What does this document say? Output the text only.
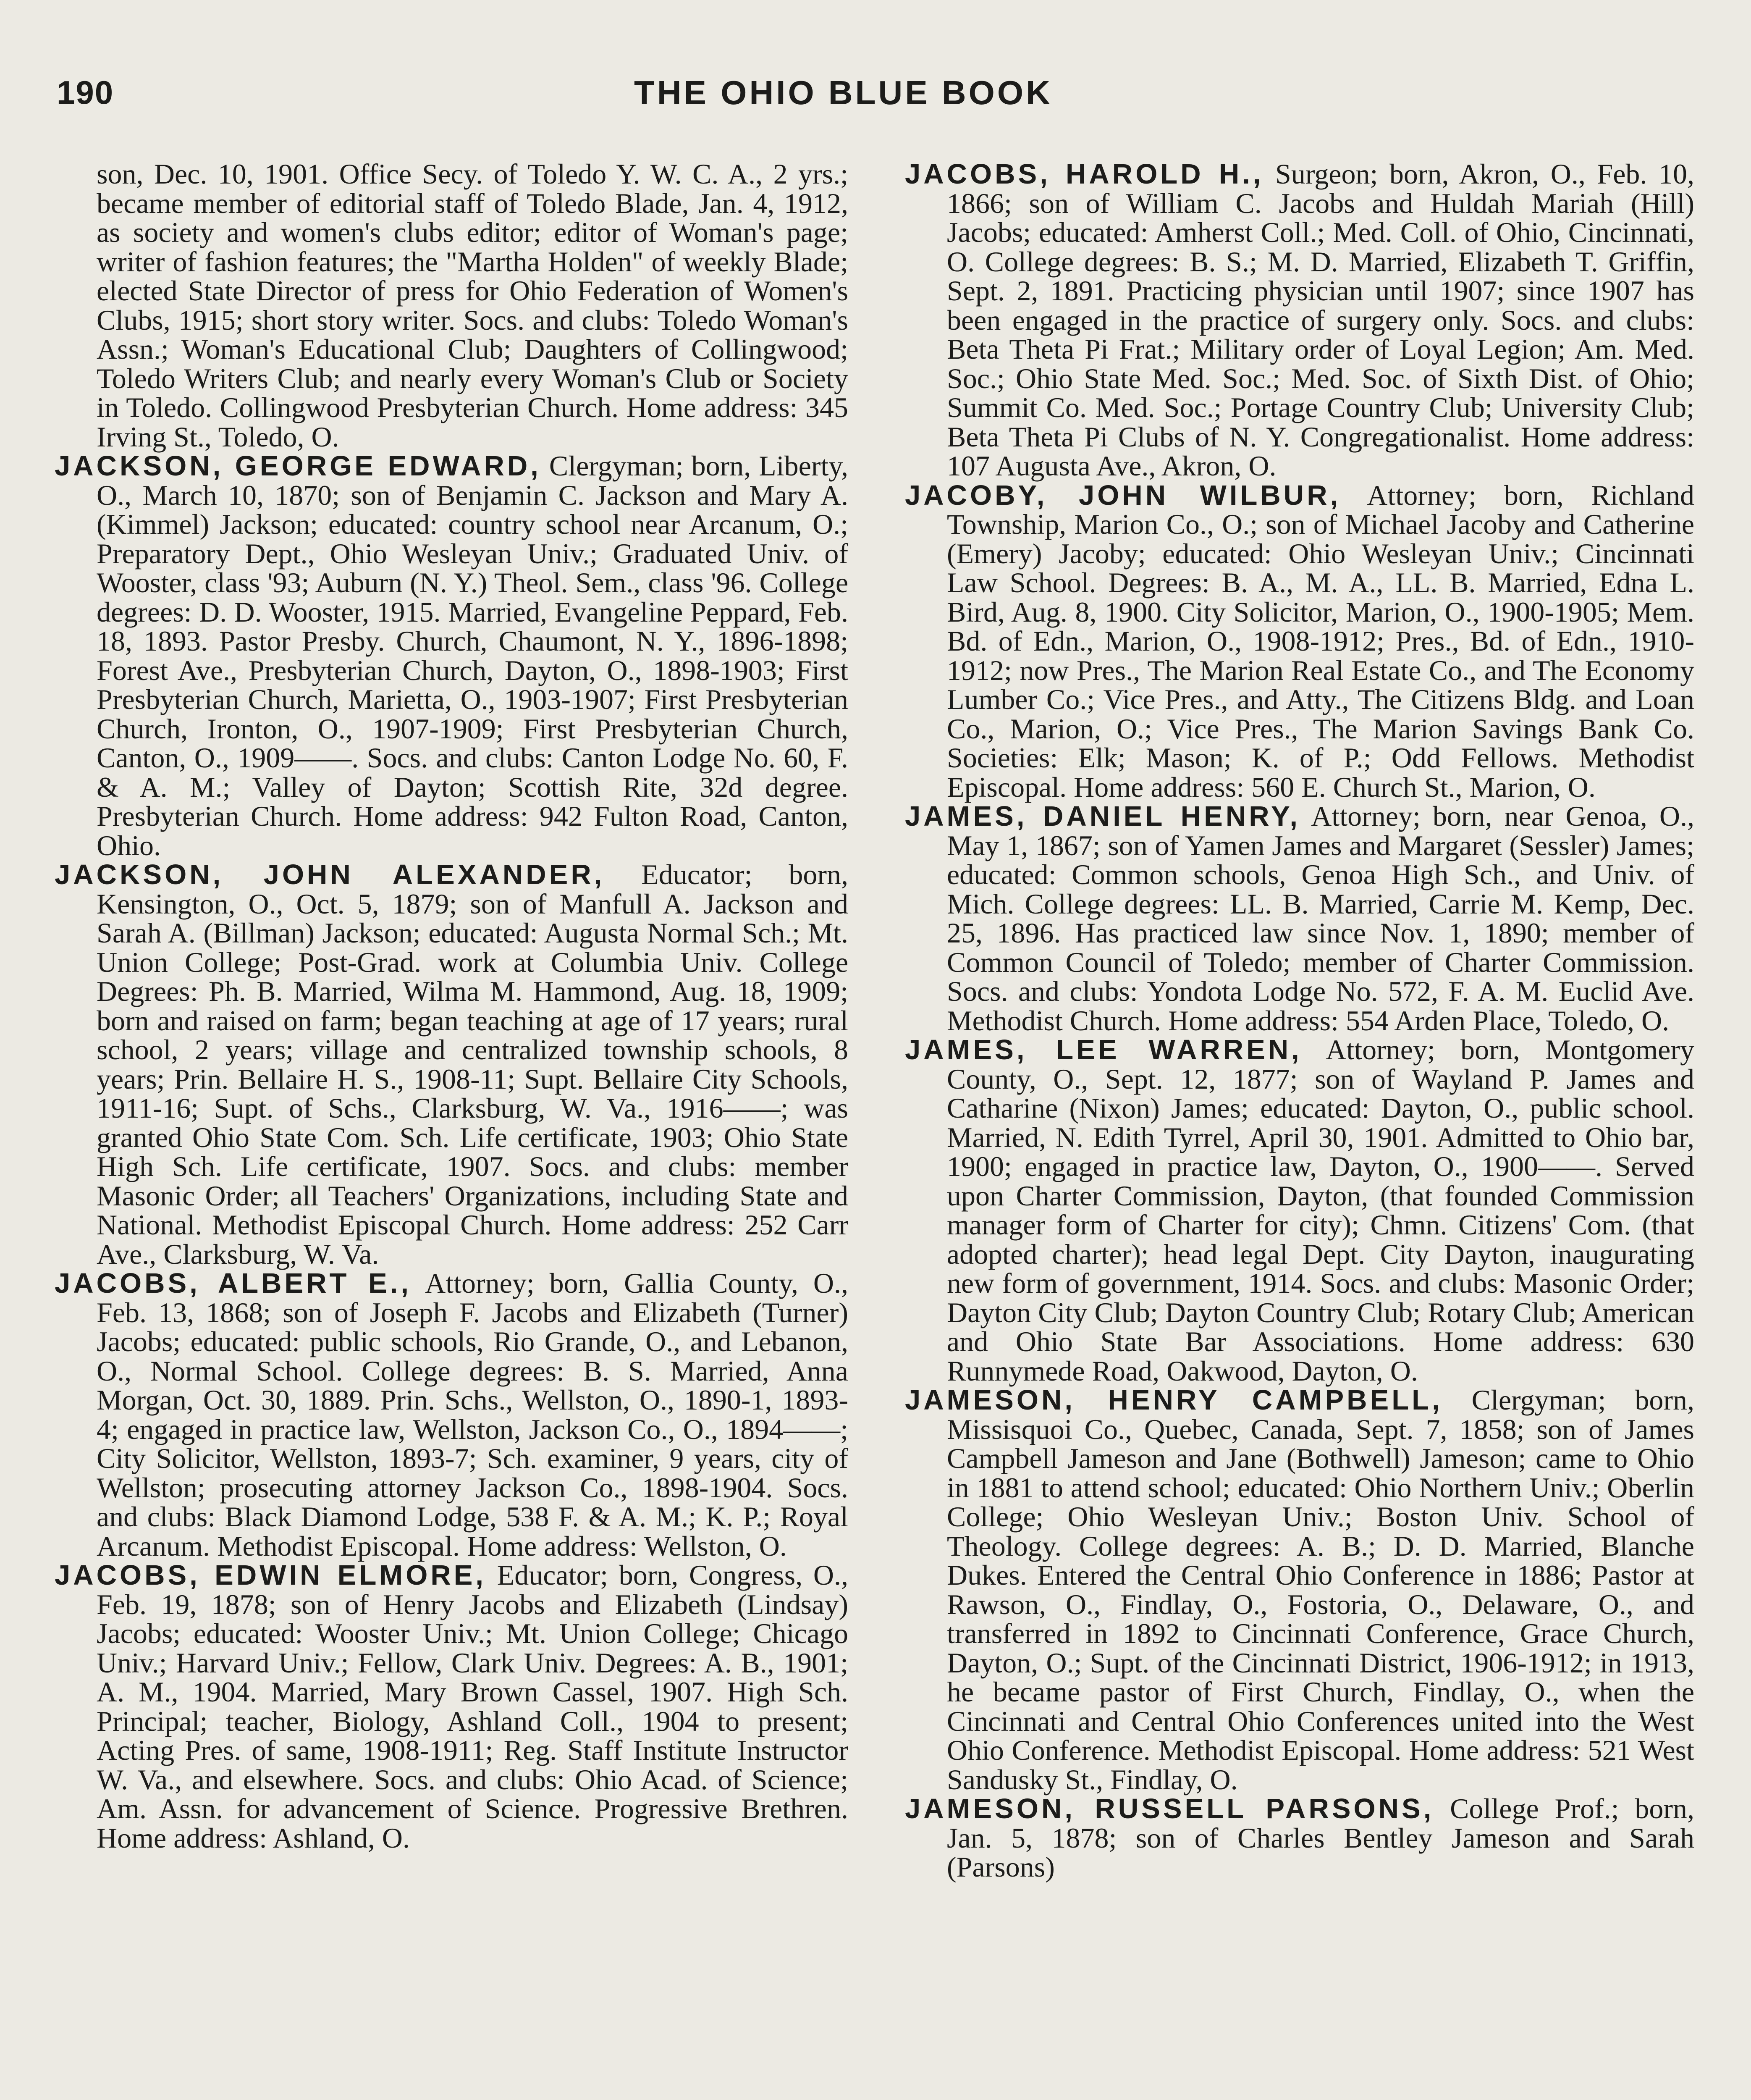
190	THE OHIO BLUE BOOK

son, Dec. 10, 1901. Office Secy. of Toledo Y. W. C. A., 2 yrs.; became member of editorial staff of Toledo Blade, Jan. 4, 1912, as society and women's clubs editor; editor of Woman's page; writer of fashion features; the "Martha Holden" of weekly Blade; elected State Director of press for Ohio Federation of Women's Clubs, 1915; short story writer. Socs. and clubs: Toledo Woman's Assn.; Woman's Educational Club; Daughters of Collingwood; Toledo Writers Club; and nearly every Woman's Club or Society in Toledo. Collingwood Presbyterian Church. Home address: 345 Irving St., Toledo, O.

JACKSON, GEORGE EDWARD, Clergyman; born, Liberty, O., March 10, 1870; son of Benjamin C. Jackson and Mary A. (Kimmel) Jackson; educated: country school near Arcanum, O.; Preparatory Dept., Ohio Wesleyan Univ.; Graduated Univ. of Wooster, class '93; Auburn (N. Y.) Theol. Sem., class '96. College degrees: D. D. Wooster, 1915. Married, Evangeline Peppard, Feb. 18, 1893. Pastor Presby. Church, Chaumont, N. Y., 1896-1898; Forest Ave., Presbyterian Church, Dayton, O., 1898-1903; First Presbyterian Church, Marietta, O., 1903-1907; First Presbyterian Church, Ironton, O., 1907-1909; First Presbyterian Church, Canton, O., 1909——. Socs. and clubs: Canton Lodge No. 60, F. & A. M.; Valley of Dayton; Scottish Rite, 32d degree. Presbyterian Church. Home address: 942 Fulton Road, Canton, Ohio.

JACKSON, JOHN ALEXANDER, Educator; born, Kensington, O., Oct. 5, 1879; son of Manfull A. Jackson and Sarah A. (Billman) Jackson; educated: Augusta Normal Sch.; Mt. Union College; Post-Grad. work at Columbia Univ. College Degrees: Ph. B. Married, Wilma M. Hammond, Aug. 18, 1909; born and raised on farm; began teaching at age of 17 years; rural school, 2 years; village and centralized township schools, 8 years; Prin. Bellaire H. S., 1908-11; Supt. Bellaire City Schools, 1911-16; Supt. of Schs., Clarksburg, W. Va., 1916——; was granted Ohio State Com. Sch. Life certificate, 1903; Ohio State High Sch. Life certificate, 1907. Socs. and clubs: member Masonic Order; all Teachers' Organizations, including State and National. Methodist Episcopal Church. Home address: 252 Carr Ave., Clarksburg, W. Va.

JACOBS, ALBERT E., Attorney; born, Gallia County, O., Feb. 13, 1868; son of Joseph F. Jacobs and Elizabeth (Turner) Jacobs; educated: public schools, Rio Grande, O., and Lebanon, O., Normal School. College degrees: B. S. Married, Anna Morgan, Oct. 30, 1889. Prin. Schs., Wellston, O., 1890-1, 1893-4; engaged in practice law, Wellston, Jackson Co., O., 1894——; City Solicitor, Wellston, 1893-7; Sch. examiner, 9 years, city of Wellston; prosecuting attorney Jackson Co., 1898-1904. Socs. and clubs: Black Diamond Lodge, 538 F. & A. M.; K. P.; Royal Arcanum. Methodist Episcopal. Home address: Wellston, O.

JACOBS, EDWIN ELMORE, Educator; born, Congress, O., Feb. 19, 1878; son of Henry Jacobs and Elizabeth (Lindsay) Jacobs; educated: Wooster Univ.; Mt. Union College; Chicago Univ.; Harvard Univ.; Fellow, Clark Univ. Degrees: A. B., 1901; A. M., 1904. Married, Mary Brown Cassel, 1907. High Sch. Principal; teacher, Biology, Ashland Coll., 1904 to present; Acting Pres. of same, 1908-1911; Reg. Staff Institute Instructor W. Va., and elsewhere. Socs. and clubs: Ohio Acad. of Science; Am. Assn. for advancement of Science. Progressive Brethren. Home address: Ashland, O.

JACOBS, HAROLD H., Surgeon; born, Akron, O., Feb. 10, 1866; son of William C. Jacobs and Huldah Mariah (Hill) Jacobs; educated: Amherst Coll.; Med. Coll. of Ohio, Cincinnati, O. College degrees: B. S.; M. D. Married, Elizabeth T. Griffin, Sept. 2, 1891. Practicing physician until 1907; since 1907 has been engaged in the practice of surgery only. Socs. and clubs: Beta Theta Pi Frat.; Military order of Loyal Legion; Am. Med. Soc.; Ohio State Med. Soc.; Med. Soc. of Sixth Dist. of Ohio; Summit Co. Med. Soc.; Portage Country Club; University Club; Beta Theta Pi Clubs of N. Y. Congregationalist. Home address: 107 Augusta Ave., Akron, O.

JACOBY, JOHN WILBUR, Attorney; born, Richland Township, Marion Co., O.; son of Michael Jacoby and Catherine (Emery) Jacoby; educated: Ohio Wesleyan Univ.; Cincinnati Law School. Degrees: B. A., M. A., LL. B. Married, Edna L. Bird, Aug. 8, 1900. City Solicitor, Marion, O., 1900-1905; Mem. Bd. of Edn., Marion, O., 1908-1912; Pres., Bd. of Edn., 1910-1912; now Pres., The Marion Real Estate Co., and The Economy Lumber Co.; Vice Pres., and Atty., The Citizens Bldg. and Loan Co., Marion, O.; Vice Pres., The Marion Savings Bank Co. Societies: Elk; Mason; K. of P.; Odd Fellows. Methodist Episcopal. Home address: 560 E. Church St., Marion, O.

JAMES, DANIEL HENRY, Attorney; born, near Genoa, O., May 1, 1867; son of Yamen James and Margaret (Sessler) James; educated: Common schools, Genoa High Sch., and Univ. of Mich. College degrees: LL. B. Married, Carrie M. Kemp, Dec. 25, 1896. Has practiced law since Nov. 1, 1890; member of Common Council of Toledo; member of Charter Commission. Socs. and clubs: Yondota Lodge No. 572, F. A. M. Euclid Ave. Methodist Church. Home address: 554 Arden Place, Toledo, O.

JAMES, LEE WARREN, Attorney; born, Montgomery County, O., Sept. 12, 1877; son of Wayland P. James and Catharine (Nixon) James; educated: Dayton, O., public school. Married, N. Edith Tyrrel, April 30, 1901. Admitted to Ohio bar, 1900; engaged in practice law, Dayton, O., 1900——. Served upon Charter Commission, Dayton, (that founded Commission manager form of Charter for city); Chmn. Citizens' Com. (that adopted charter); head legal Dept. City Dayton, inaugurating new form of government, 1914. Socs. and clubs: Masonic Order; Dayton City Club; Dayton Country Club; Rotary Club; American and Ohio State Bar Associations. Home address: 630 Runnymede Road, Oakwood, Dayton, O.

JAMESON, HENRY CAMPBELL, Clergyman; born, Missisquoi Co., Quebec, Canada, Sept. 7, 1858; son of James Campbell Jameson and Jane (Bothwell) Jameson; came to Ohio in 1881 to attend school; educated: Ohio Northern Univ.; Oberlin College; Ohio Wesleyan Univ.; Boston Univ. School of Theology. College degrees: A. B.; D. D. Married, Blanche Dukes. Entered the Central Ohio Conference in 1886; Pastor at Rawson, O., Findlay, O., Fostoria, O., Delaware, O., and transferred in 1892 to Cincinnati Conference, Grace Church, Dayton, O.; Supt. of the Cincinnati District, 1906-1912; in 1913, he became pastor of First Church, Findlay, O., when the Cincinnati and Central Ohio Conferences united into the West Ohio Conference. Methodist Episcopal. Home address: 521 West Sandusky St., Findlay, O.

JAMESON, RUSSELL PARSONS, College Prof.; born, Jan. 5, 1878; son of Charles Bentley Jameson and Sarah (Parsons)
